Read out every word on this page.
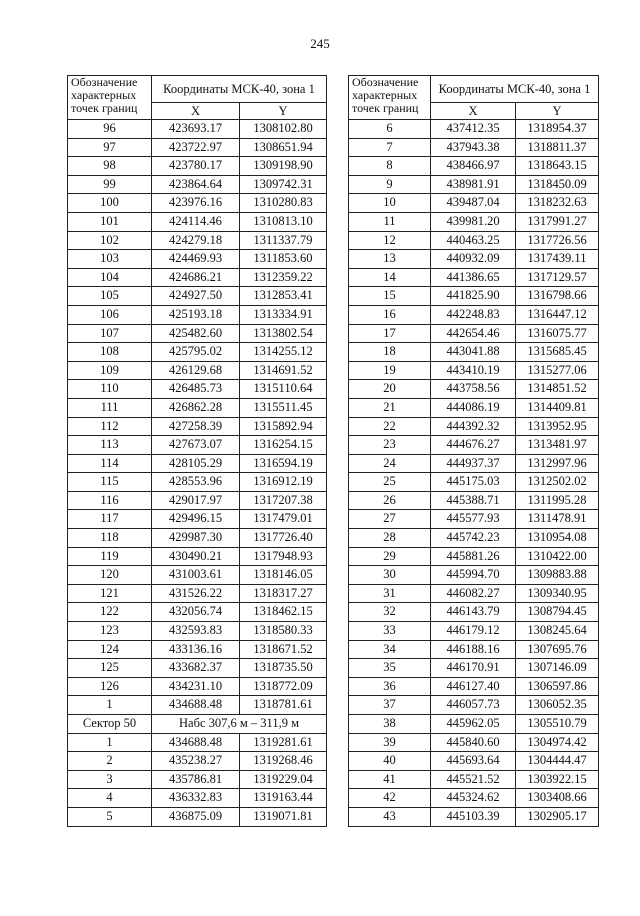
245
Обозначение характерных точек границ	Координаты МСК-40, зона 1	
	X	Y
96	423693.17	1308102.80
97	423722.97	1308651.94
98	423780.17	1309198.90
99	423864.64	1309742.31
100	423976.16	1310280.83
101	424114.46	1310813.10
102	424279.18	1311337.79
103	424469.93	1311853.60
104	424686.21	1312359.22
105	424927.50	1312853.41
106	425193.18	1313334.91
107	425482.60	1313802.54
108	425795.02	1314255.12
109	426129.68	1314691.52
110	426485.73	1315110.64
111	426862.28	1315511.45
112	427258.39	1315892.94
113	427673.07	1316254.15
114	428105.29	1316594.19
115	428553.96	1316912.19
116	429017.97	1317207.38
117	429496.15	1317479.01
118	429987.30	1317726.40
119	430490.21	1317948.93
120	431003.61	1318146.05
121	431526.22	1318317.27
122	432056.74	1318462.15
123	432593.83	1318580.33
124	433136.16	1318671.52
125	433682.37	1318735.50
126	434231.10	1318772.09
1	434688.48	1318781.61
Сектор 50	Набс 307,6 м – 311,9 м	
1	434688.48	1319281.61
2	435238.27	1319268.46
3	435786.81	1319229.04
4	436332.83	1319163.44
5	436875.09	1319071.81
Обозначение характерных точек границ	Координаты МСК-40, зона 1	
	X	Y
6	437412.35	1318954.37
7	437943.38	1318811.37
8	438466.97	1318643.15
9	438981.91	1318450.09
10	439487.04	1318232.63
11	439981.20	1317991.27
12	440463.25	1317726.56
13	440932.09	1317439.11
14	441386.65	1317129.57
15	441825.90	1316798.66
16	442248.83	1316447.12
17	442654.46	1316075.77
18	443041.88	1315685.45
19	443410.19	1315277.06
20	443758.56	1314851.52
21	444086.19	1314409.81
22	444392.32	1313952.95
23	444676.27	1313481.97
24	444937.37	1312997.96
25	445175.03	1312502.02
26	445388.71	1311995.28
27	445577.93	1311478.91
28	445742.23	1310954.08
29	445881.26	1310422.00
30	445994.70	1309883.88
31	446082.27	1309340.95
32	446143.79	1308794.45
33	446179.12	1308245.64
34	446188.16	1307695.76
35	446170.91	1307146.09
36	446127.40	1306597.86
37	446057.73	1306052.35
38	445962.05	1305510.79
39	445840.60	1304974.42
40	445693.64	1304444.47
41	445521.52	1303922.15
42	445324.62	1303408.66
43	445103.39	1302905.17
